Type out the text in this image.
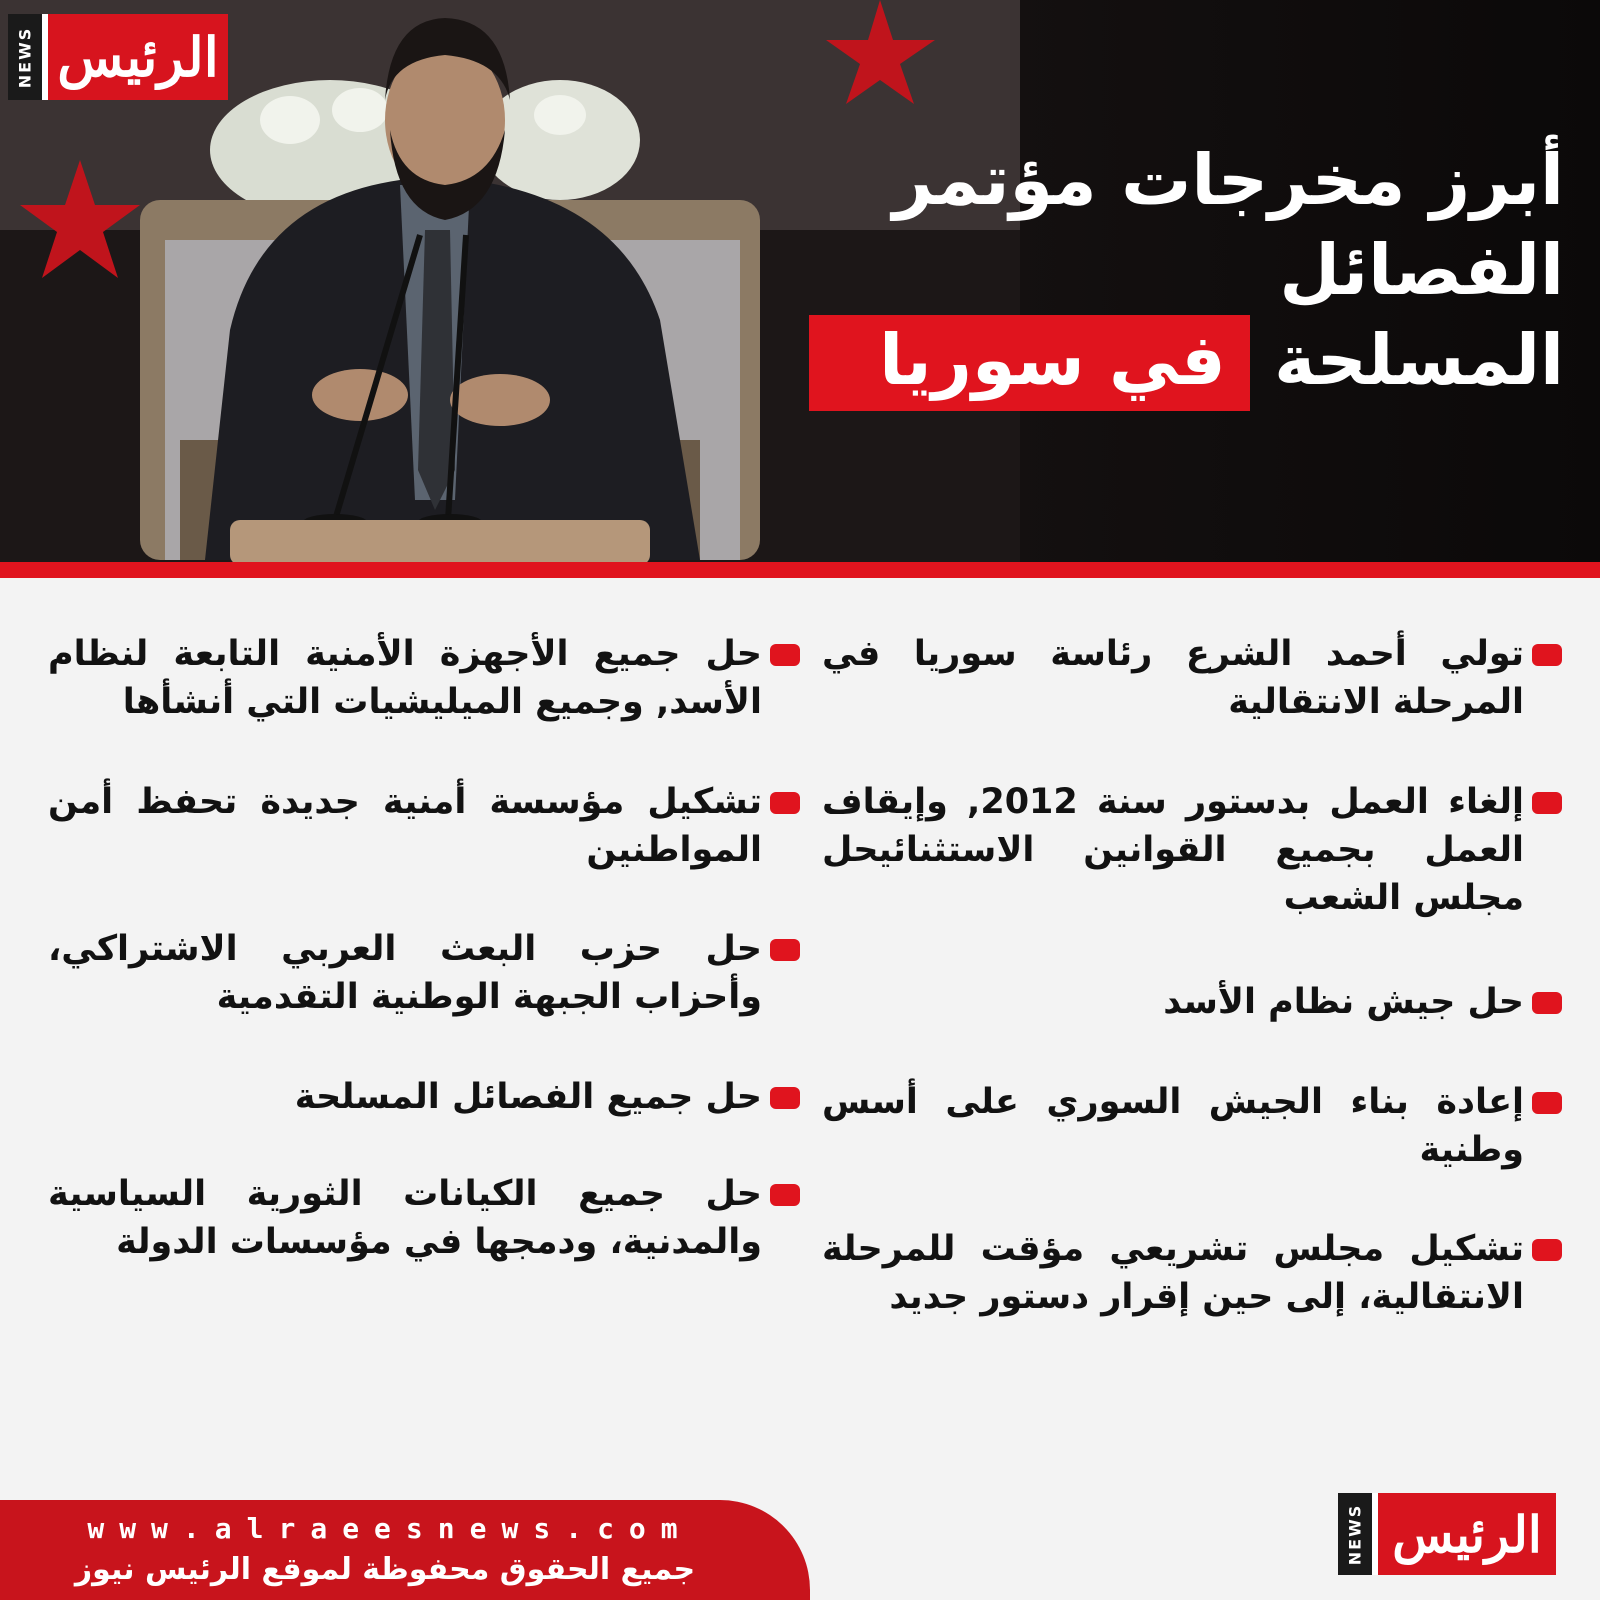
NEWS الرئيس
أبرز مخرجات مؤتمر الفصائل
المسلحة في سوريا
تولي أحمد الشرع رئاسة سوريا في المرحلة الانتقالية
إلغاء العمل بدستور سنة 2012, وإيقاف العمل بجميع القوانين الاستثنائيحل مجلس الشعب
حل جيش نظام الأسد
إعادة بناء الجيش السوري على أسس وطنية
تشكيل مجلس تشريعي مؤقت للمرحلة الانتقالية، إلى حين إقرار دستور جديد
حل جميع الأجهزة الأمنية التابعة لنظام الأسد, وجميع الميليشيات التي أنشأها
تشكيل مؤسسة أمنية جديدة تحفظ أمن المواطنين
حل حزب البعث العربي الاشتراكي، وأحزاب الجبهة الوطنية التقدمية
حل جميع الفصائل المسلحة
حل جميع الكيانات الثورية السياسية والمدنية، ودمجها في مؤسسات الدولة
www.alraeesnews.com
جميع الحقوق محفوظة لموقع الرئيس نيوز
NEWS الرئيس
